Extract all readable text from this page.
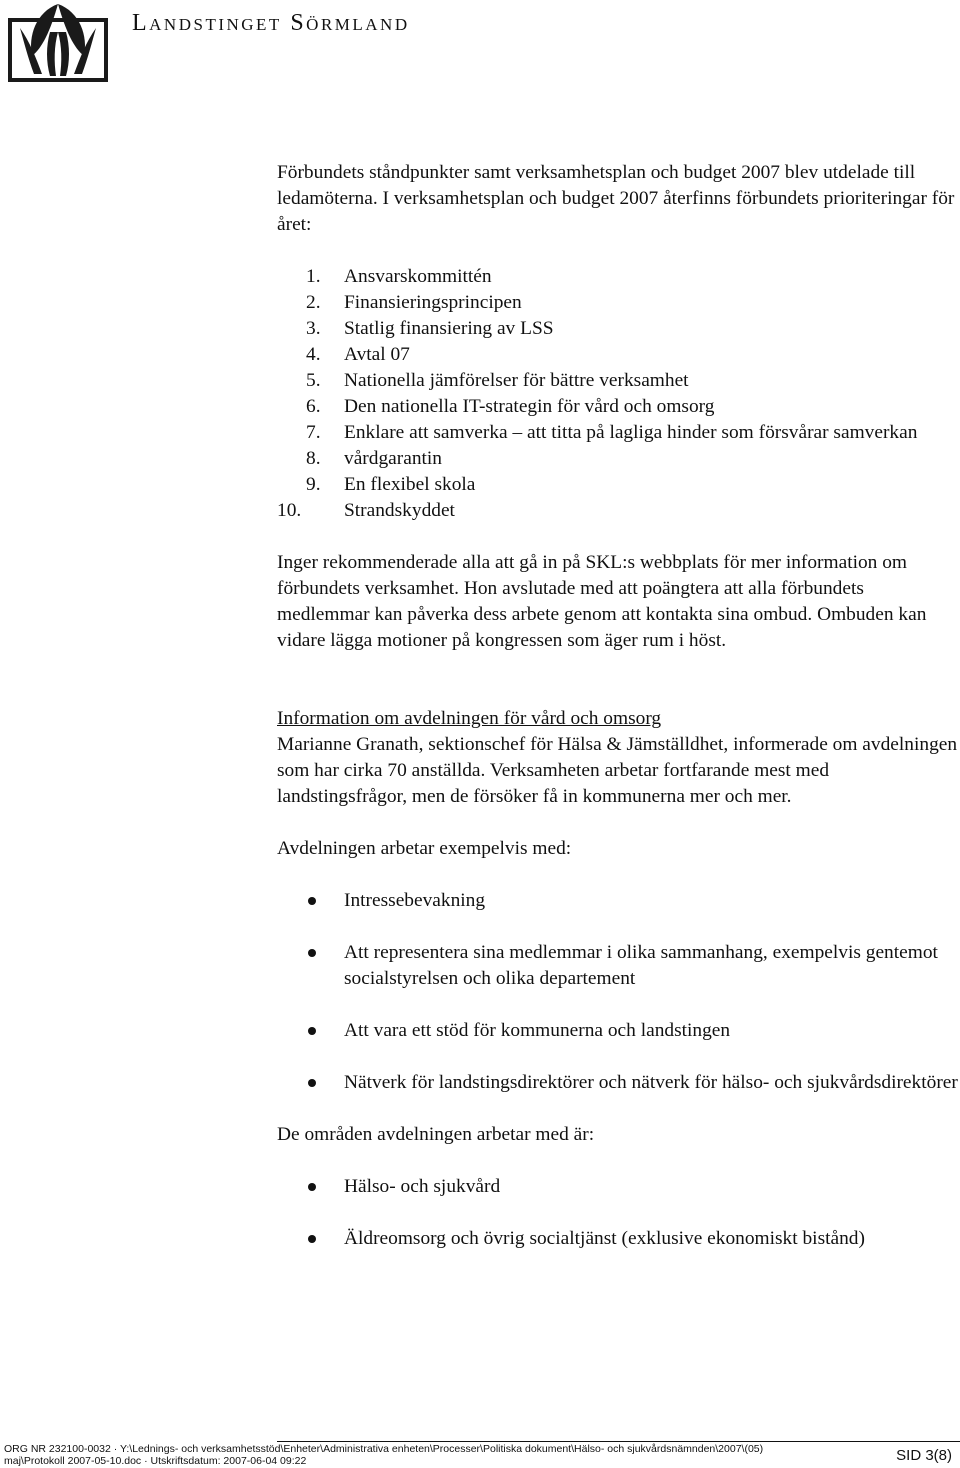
Landstinget Sörmland

Förbundets ståndpunkter samt verksamhetsplan och budget 2007 blev utdelade till ledamöterna. I verksamhetsplan och budget 2007 återfinns förbundets prioriteringar för året:

1.	Ansvarskommittén
2.	Finansieringsprincipen
3.	Statlig finansiering av LSS
4.	Avtal 07
5.	Nationella jämförelser för bättre verksamhet
6.	Den nationella IT-strategin för vård och omsorg
7.	Enklare att samverka – att titta på lagliga hinder som försvårar samverkan
8.	vårdgarantin
9.	En flexibel skola
10.	Strandskyddet

Inger rekommenderade alla att gå in på SKL:s webbplats för mer information om förbundets verksamhet. Hon avslutade med att poängtera att alla förbundets medlemmar kan påverka dess arbete genom att kontakta sina ombud. Ombuden kan vidare lägga motioner på kongressen som äger rum i höst.

Information om avdelningen för vård och omsorg

Marianne Granath, sektionschef för Hälsa & Jämställdhet, informerade om avdelningen som har cirka 70 anställda. Verksamheten arbetar fortfarande mest med landstingsfrågor, men de försöker få in kommunerna mer och mer.

Avdelningen arbetar exempelvis med:

Intressebevakning
Att representera sina medlemmar i olika sammanhang, exempelvis gentemot socialstyrelsen och olika departement
Att vara ett stöd för kommunerna och landstingen
Nätverk för landstingsdirektörer och nätverk för hälso- och sjukvårdsdirektörer

De områden avdelningen arbetar med är:

Hälso- och sjukvård
Äldreomsorg och övrig socialtjänst (exklusive ekonomiskt bistånd)
ORG NR 232100-0032 · Y:\Lednings- och verksamhetsstöd\Enheter\Administrativa enheten\Processer\Politiska dokument\Hälso- och sjukvårdsnämnden\2007\(05)
maj\Protokoll 2007-05-10.doc · Utskriftsdatum: 2007-06-04 09:22	SID 3(8)
